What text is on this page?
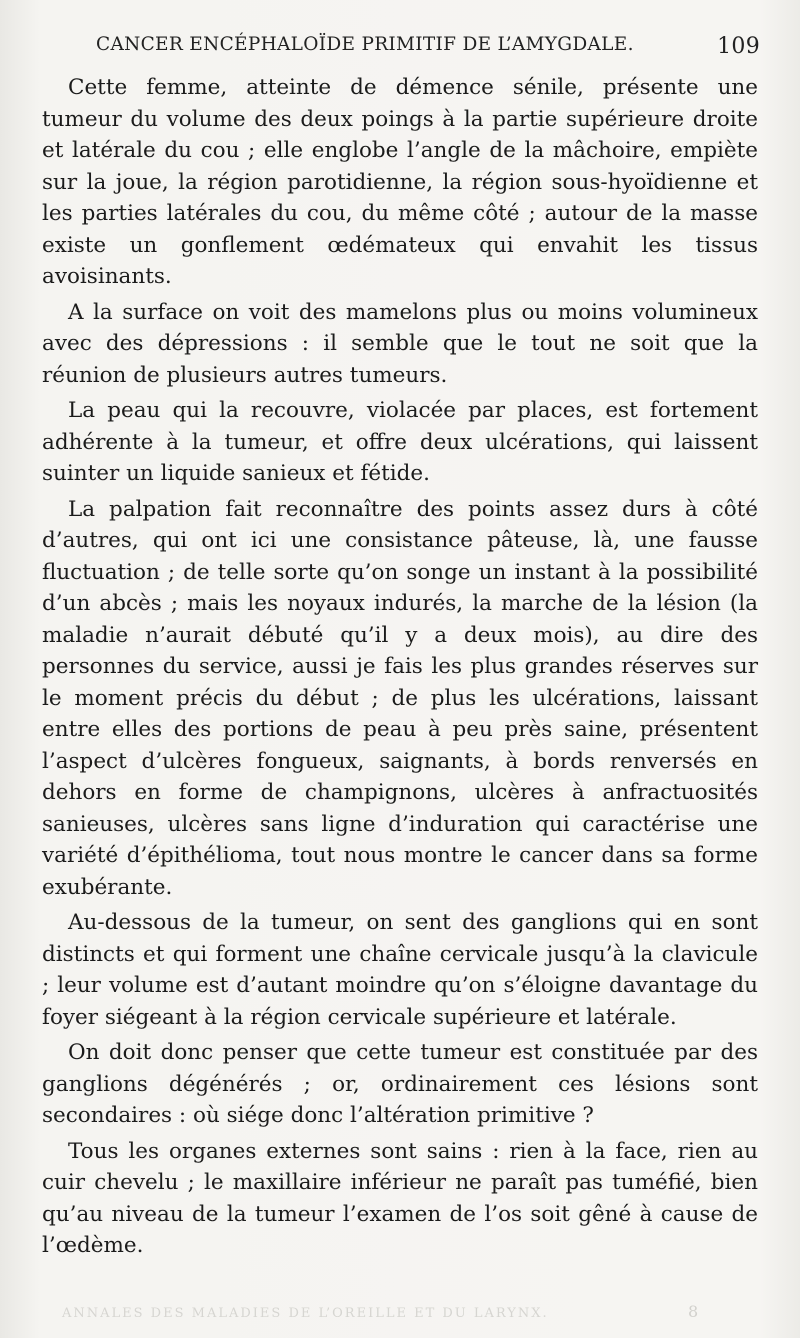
CANCER ENCÉPHALOÏDE PRIMITIF DE L’AMYGDALE.	109

Cette femme, atteinte de démence sénile, présente une tumeur du volume des deux poings à la partie supérieure droite et latérale du cou ; elle englobe l’angle de la mâchoire, empiète sur la joue, la région parotidienne, la région sous-hyoïdienne et les parties latérales du cou, du même côté ; autour de la masse existe un gonflement œdémateux qui envahit les tissus avoisinants.

A la surface on voit des mamelons plus ou moins volumineux avec des dépressions : il semble que le tout ne soit que la réunion de plusieurs autres tumeurs.

La peau qui la recouvre, violacée par places, est fortement adhérente à la tumeur, et offre deux ulcérations, qui laissent suinter un liquide sanieux et fétide.

La palpation fait reconnaître des points assez durs à côté d’autres, qui ont ici une consistance pâteuse, là, une fausse fluctuation ; de telle sorte qu’on songe un instant à la possibilité d’un abcès ; mais les noyaux indurés, la marche de la lésion (la maladie n’aurait débuté qu’il y a deux mois), au dire des personnes du service, aussi je fais les plus grandes réserves sur le moment précis du début ; de plus les ulcérations, laissant entre elles des portions de peau à peu près saine, présentent l’aspect d’ulcères fongueux, saignants, à bords renversés en dehors en forme de champignons, ulcères à anfractuosités sanieuses, ulcères sans ligne d’induration qui caractérise une variété d’épithélioma, tout nous montre le cancer dans sa forme exubérante.

Au-dessous de la tumeur, on sent des ganglions qui en sont distincts et qui forment une chaîne cervicale jusqu’à la clavicule ; leur volume est d’autant moindre qu’on s’éloigne davantage du foyer siégeant à la région cervicale supérieure et latérale.

On doit donc penser que cette tumeur est constituée par des ganglions dégénérés ; or, ordinairement ces lésions sont secondaires : où siége donc l’altération primitive ?

Tous les organes externes sont sains : rien à la face, rien au cuir chevelu ; le maxillaire inférieur ne paraît pas tuméfié, bien qu’au niveau de la tumeur l’examen de l’os soit gêné à cause de l’œdème.

ANNALES DES MALADIES DE L’OREILLE ET DU LARYNX.	8
